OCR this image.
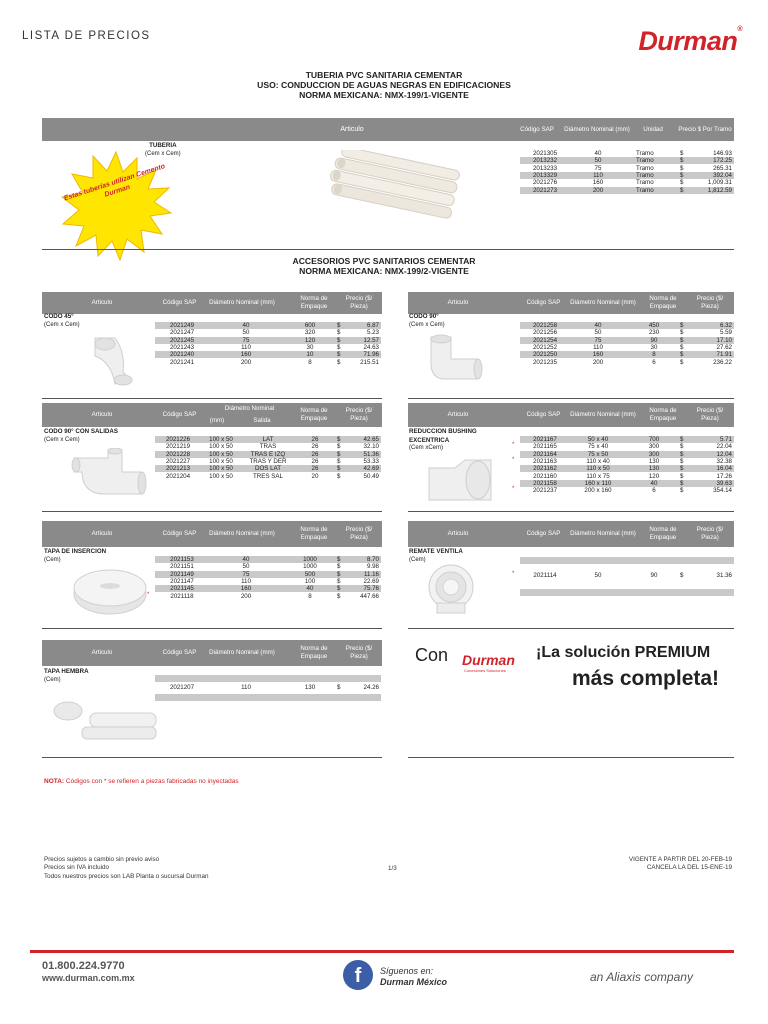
LISTA DE PRECIOS	Durman®
TUBERIA PVC SANITARIA CEMENTAR
USO: CONDUCCION DE AGUAS NEGRAS EN EDIFICACIONES
NORMA MEXICANA: NMX-199/1-VIGENTE
Articulo	Código SAP	Diámetro Nominal (mm)	Unidad	Precio $ Por Tramo
TUBERIA
(Cem x Cem)
Estas tuberías utilizan Cemento Durman
2021305	40	Tramo	$	146.93
2013232	50	Tramo	$	172.25
2013233	75	Tramo	$	265.31
2013329	110	Tramo	$	392.04
2021276	160	Tramo	$	1,009.31
2021273	200	Tramo	$	1,812.59
ACCESORIOS PVC SANITARIOS CEMENTAR
NORMA MEXICANA: NMX-199/2-VIGENTE
Articulo	Código SAP	Diámetro Nominal (mm)
Norma de Empaque
Precio ($/ Pieza)
CODO 45°
(Cem x Cem)	2021249	40	600	$	6.87
2021247	50	320	$	5.23
2021245	75	120	$	12.57
2021243	110	30	$	24.63
2021240	160	10	$	71.96
2021241	200	8	$	215.51
Articulo	Código SAP	Diámetro Nominal (mm)
Norma de Empaque
Precio ($/ Pieza)
CODO 90°
(Cem x Cem)	2021258	40	450	$	6.32
2021256	50	230	$	5.59
2021254	75	90	$	17.10
2021252	110	30	$	27.62
2021250	160	8	$	71.91
2021235	200	6	$	236.22
Articulo	Código SAP
Diámetro Nominal
(mm)	Salida
Norma de Empaque
Precio ($/ Pieza)
CODO 90° CON SALIDAS
(Cem x Cem)	2021226	100 x 50	LAT	26	$	42.65
2021219	100 x 50	TRAS	26	$	32.10
2021228	100 x 50	TRAS E IZQ	26	$	51.36
2021227	100 x 50	TRAS Y DER	26	$	53.33
2021213	100 x 50	DOS LAT	26	$	42.69
2021204	100 x 50	TRES SAL	20	$	50.49
Articulo	Código SAP	Diámetro Nominal (mm)
Norma de Empaque
Precio ($/ Pieza)
REDUCCION BUSHING EXCENTRICA
(Cem xCem)
2021167	50 x 40	700	$	5.71
*	2021165	75 x 40	300	$	22.04
2021164	75 x 50	300	$	12.04
*	2021163	110 x 40	130	$	32.38
2021162	110 x 50	130	$	16.04
2021160	110 x 75	120	$	17.26
2021158	160 x 110	40	$	39.63
*	2021237	200 x 160	6	$	354.14
Articulo	Código SAP	Diámetro Nominal (mm)
Norma de Empaque
Precio ($/ Pieza)
TAPA DE INSERCION
(Cem)	2021153	40	1000	$	8.70
2021151	50	1000	$	9.98
2021149	75	500	$	11.16
2021147	110	100	$	22.69
2021145	160	40	$	75.76
*	2021118	200	8	$	447.66
Articulo	Código SAP	Diámetro Nominal (mm)
Norma de Empaque
Precio ($/ Pieza)
REMATE VENTILA
(Cem)
*	2021114	50	90	$	31.36
Articulo	Código SAP	Diámetro Nominal (mm)
Norma de Empaque
Precio ($/ Pieza)
TAPA HEMBRA
(Cem)
2021207	110	130	$	24.26
Con Durman
Conexiones Soluciones
¡La solución PREMIUM
más completa!
NOTA: Códigos con * se refieren a piezas fabricadas no inyectadas
Precios sujetos a cambio sin previo aviso
Precios sin IVA incluido
Todos nuestros precios son LAB Planta o sucursal Durman
1/3
VIGENTE A PARTIR DEL 20-FEB-19
CANCELA LA DEL 15-ENE-19
01.800.224.9770
www.durman.com.mx	f	Síguenos en:
Durman México	an Aliaxis company
